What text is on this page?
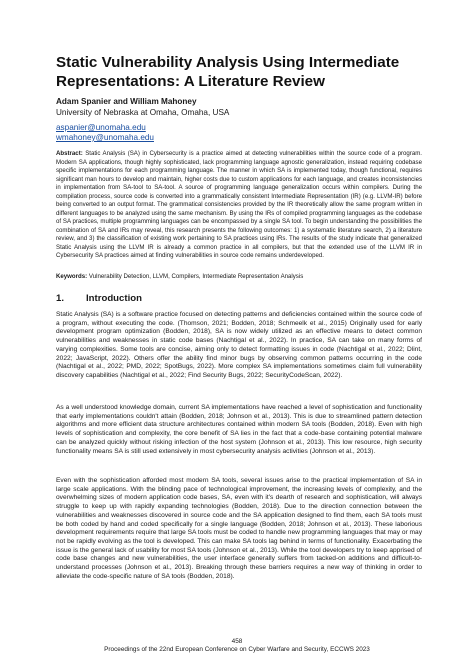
Static Vulnerability Analysis Using Intermediate Representations: A Literature Review
Adam Spanier and William Mahoney
University of Nebraska at Omaha, Omaha, USA
aspanier@unomaha.edu
wmahoney@unomaha.edu

Abstract: Static Analysis (SA) in Cybersecurity is a practice aimed at detecting vulnerabilities within the source code of a program. Modern SA applications, though highly sophisticated, lack programming language agnostic generalization, instead requiring codebase specific implementations for each programming language. The manner in which SA is implemented today, though functional, requires significant man hours to develop and maintain, higher costs due to custom applications for each language, and creates inconsistencies in implementation from SA-tool to SA-tool. A source of programming language generalization occurs within compilers. During the compilation process, source code is converted into a grammatically consistent Intermediate Representation (IR) (e.g. LLVM-IR) before being converted to an output format. The grammatical consistencies provided by the IR theoretically allow the same program written in different languages to be analyzed using the same mechanism. By using the IRs of compiled programming languages as the codebase of SA practices, multiple programming languages can be encompassed by a single SA tool. To begin understanding the possibilities the combination of SA and IRs may reveal, this research presents the following outcomes: 1) a systematic literature search, 2) a literature review, and 3) the classification of existing work pertaining to SA practices using IRs. The results of the study indicate that generalized Static Analysis using the LLVM IR is already a common practice in all compilers, but that the extended use of the LLVM IR in Cybersecurity SA practices aimed at finding vulnerabilities in source code remains underdeveloped.

Keywords: Vulnerability Detection, LLVM, Compilers, Intermediate Representation Analysis

1. Introduction

Static Analysis (SA) is a software practice focused on detecting patterns and deficiencies contained within the source code of a program, without executing the code. (Thomson, 2021; Bodden, 2018; Schmeelk et al., 2015) Originally used for early development program optimization (Bodden, 2018), SA is now widely utilized as an effective means to detect common vulnerabilities and weaknesses in static code bases (Nachtigal et al., 2022). In practice, SA can take on many forms of varying complexities. Some tools are concise, aiming only to detect formatting issues in code (Nachtigal et al., 2022; Dlint, 2022; JavaScript, 2022). Others offer the ability find minor bugs by observing common patterns occurring in the code (Nachtigal et al., 2022; PMD, 2022; SpotBugs, 2022). More complex SA implementations sometimes claim full vulnerability discovery capabilities (Nachtigal et al., 2022; Find Security Bugs, 2022; SecurityCodeScan, 2022).

As a well understood knowledge domain, current SA implementations have reached a level of sophistication and functionality that early implementations couldn't attain (Bodden, 2018; Johnson et al., 2013). This is due to streamlined pattern detection algorithms and more efficient data structure architectures contained within modern SA tools (Bodden, 2018). Even with high levels of sophistication and complexity, the core benefit of SA lies in the fact that a code-base containing potential malware can be analyzed quickly without risking infection of the host system (Johnson et al., 2013). This low resource, high security functionality means SA is still used extensively in most cybersecurity analysis activities (Johnson et al., 2013).

Even with the sophistication afforded most modern SA tools, several issues arise to the practical implementation of SA in large scale applications. With the blinding pace of technological improvement, the increasing levels of complexity, and the overwhelming sizes of modern application code bases, SA, even with it's dearth of research and sophistication, will always struggle to keep up with rapidly expanding technologies (Bodden, 2018). Due to the direction connection between the vulnerabilities and weaknesses discovered in source code and the SA application designed to find them, each SA tools must be both coded by hand and coded specifically for a single language (Bodden, 2018; Johnson et al., 2013). These laborious development requirements require that large SA tools must be coded to handle new programming languages that may or may not be rapidly evolving as the tool is developed. This can make SA tools lag behind in terms of functionality. Exacerbating the issue is the general lack of usability for most SA tools (Johnson et al., 2013). While the tool developers try to keep apprised of code base changes and new vulnerabilities, the user interface generally suffers from tacked-on additions and difficult-to-understand processes (Johnson et al., 2013). Breaking through these barriers requires a new way of thinking in order to alleviate the code-specific nature of SA tools (Bodden, 2018).

458
Proceedings of the 22nd European Conference on Cyber Warfare and Security, ECCWS 2023
